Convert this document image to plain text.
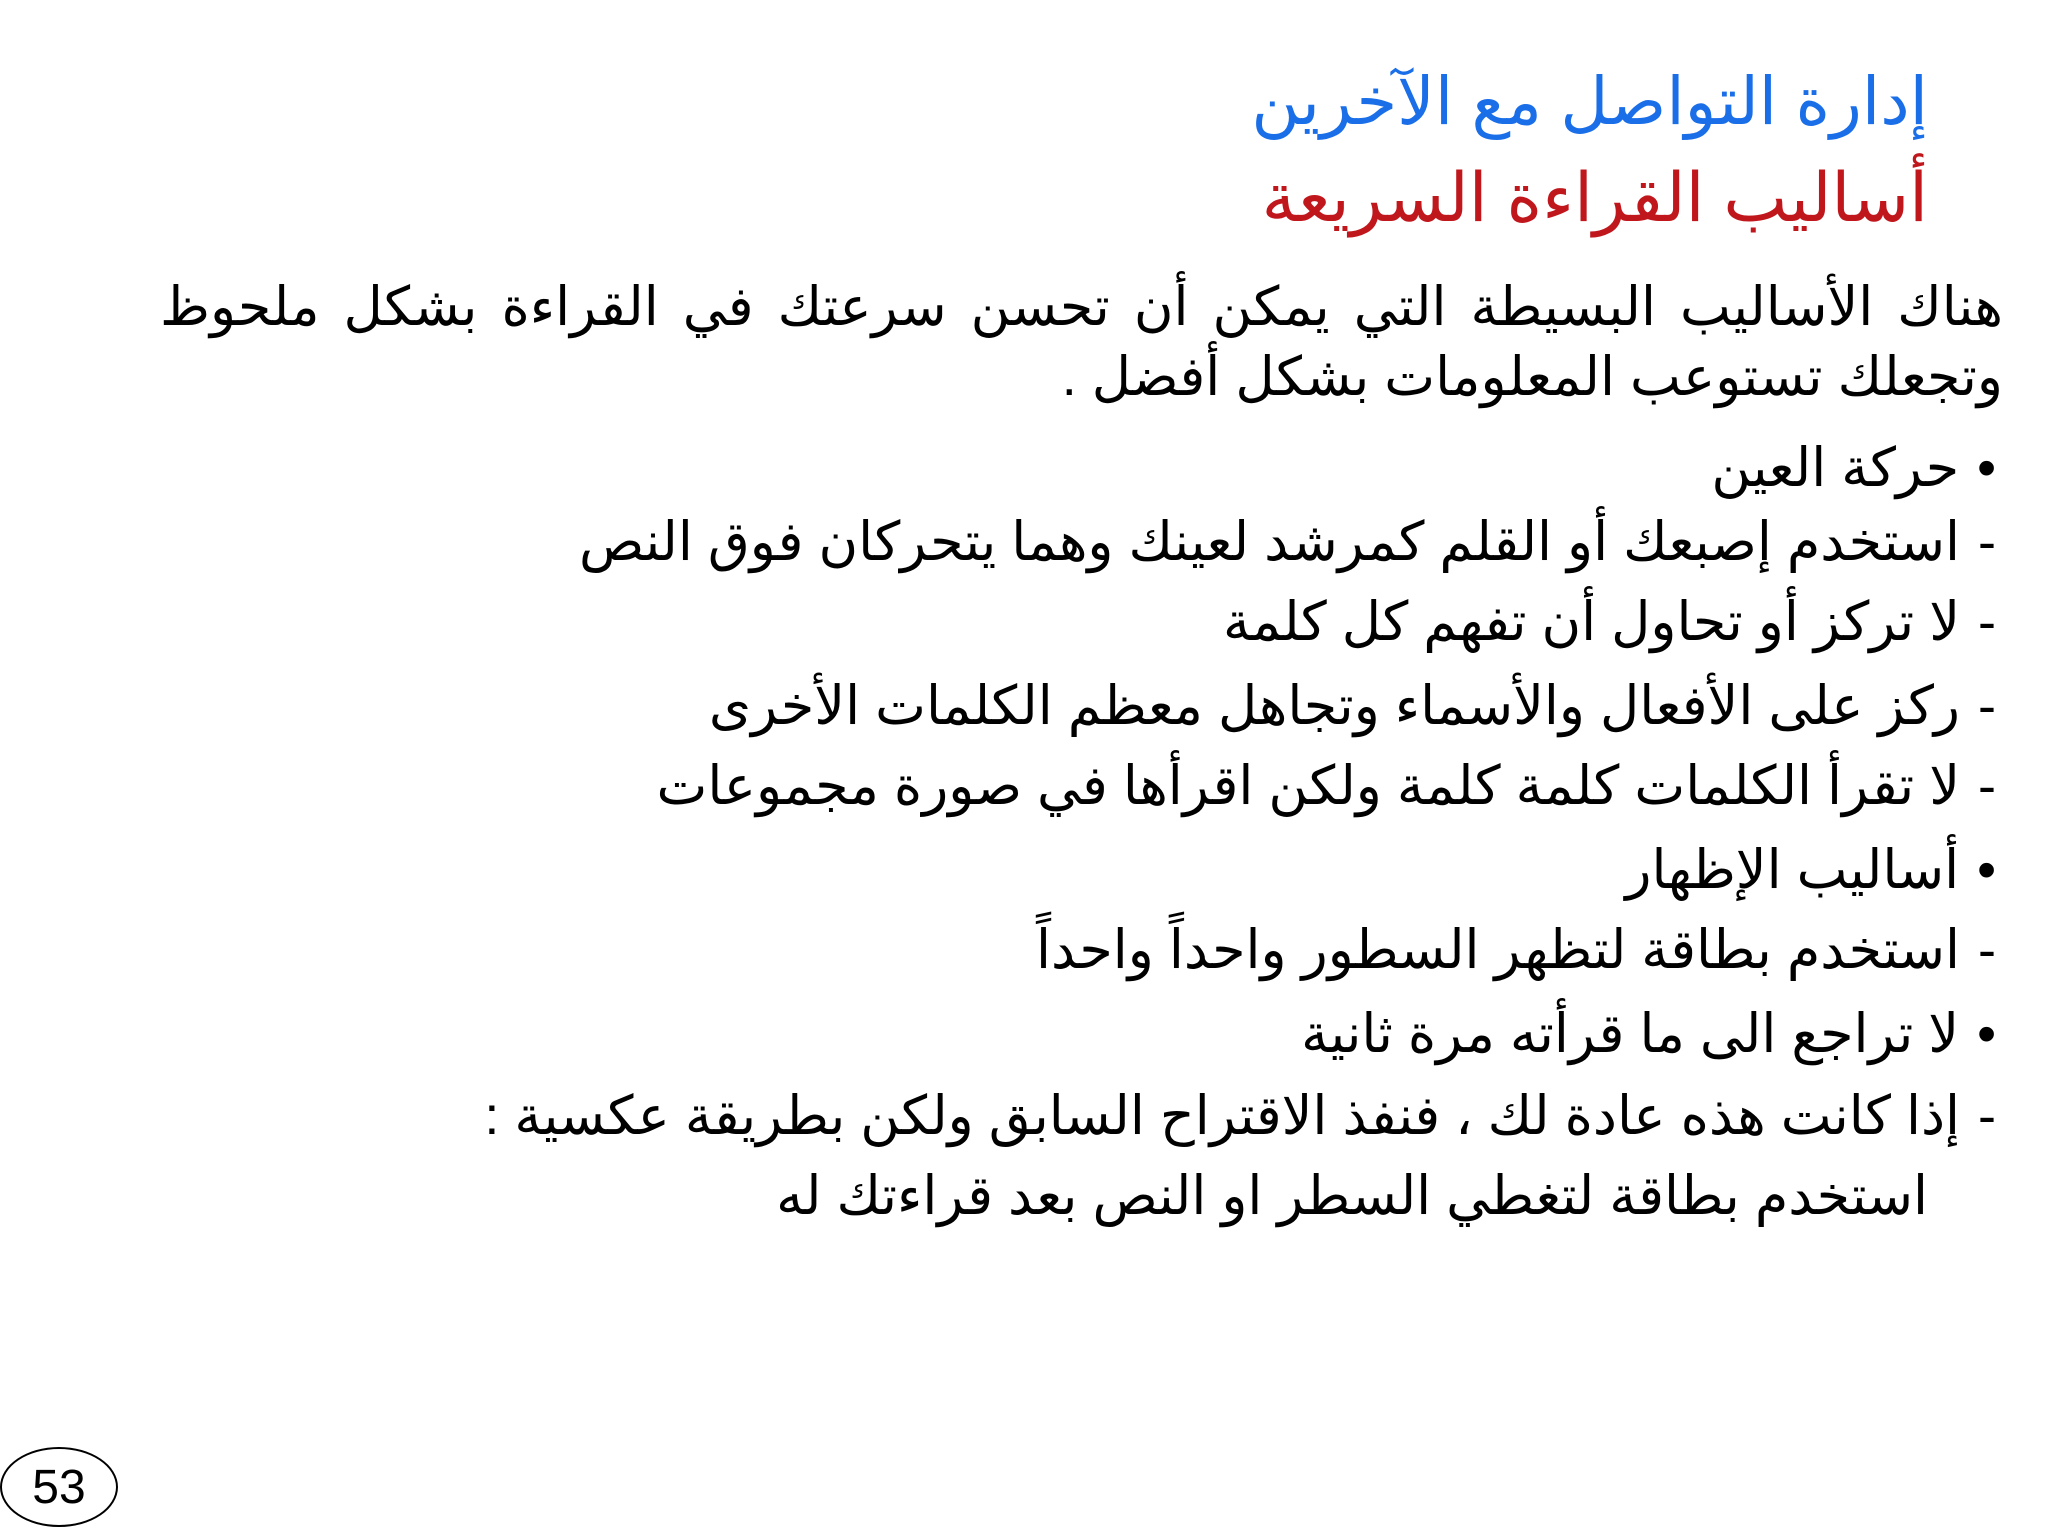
إدارة التواصل مع الآخرين
أساليب القراءة السريعة
هناك الأساليب البسيطة التي يمكن أن تحسن سرعتك في القراءة بشكل ملحوظ وتجعلك تستوعب المعلومات بشكل أفضل .
•حركة العين
-استخدم إصبعك أو القلم كمرشد لعينك وهما يتحركان فوق النص
-لا تركز أو تحاول أن تفهم كل كلمة
-ركز على الأفعال والأسماء وتجاهل معظم الكلمات الأخرى
-لا تقرأ الكلمات كلمة كلمة ولكن اقرأها في صورة مجموعات
•أساليب الإظهار
-استخدم بطاقة لتظهر السطور واحداً واحداً
•لا تراجع الى ما قرأته مرة ثانية
-إذا كانت هذه عادة لك ، فنفذ الاقتراح السابق ولكن بطريقة عكسية :
استخدم بطاقة لتغطي السطر او النص بعد قراءتك له
53
